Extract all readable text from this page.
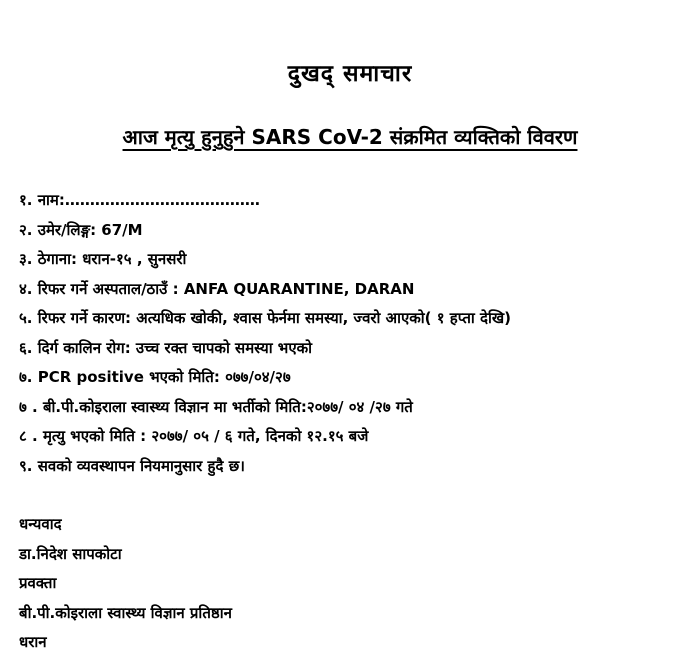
दुखद् समाचार
आज मृत्यु हुनुहुने SARS CoV-2 संक्रमित व्यक्तिको विवरण
१. नाम:…………………………………
२. उमेर/लिङ्ग: 67/M
३. ठेगाना: धरान-१५ , सुनसरी
४. रिफर गर्ने अस्पताल/ठाउँ : ANFA QUARANTINE, DARAN
५. रिफर गर्ने कारण: अत्यधिक खोकी, श्वास फेर्नमा समस्या, ज्वरो आएको( १ हप्ता देखि)
६. दिर्ग कालिन रोग: उच्च रक्त चापको समस्या भएको
७. PCR positive भएको मिति: ०७७/०४/२७
७ . बी.पी.कोइराला स्वास्थ्य विज्ञान मा भर्तीको मिति:२०७७/ ०४ /२७ गते
८ . मृत्यु भएको मिति : २०७७/ ०५ / ६ गते, दिनको १२.१५ बजे
९. सवको व्यवस्थापन नियमानुसार हुदै छ।
धन्यवाद
डा.निदेश सापकोटा
प्रवक्ता
बी.पी.कोइराला स्वास्थ्य विज्ञान प्रतिष्ठान
धरान
